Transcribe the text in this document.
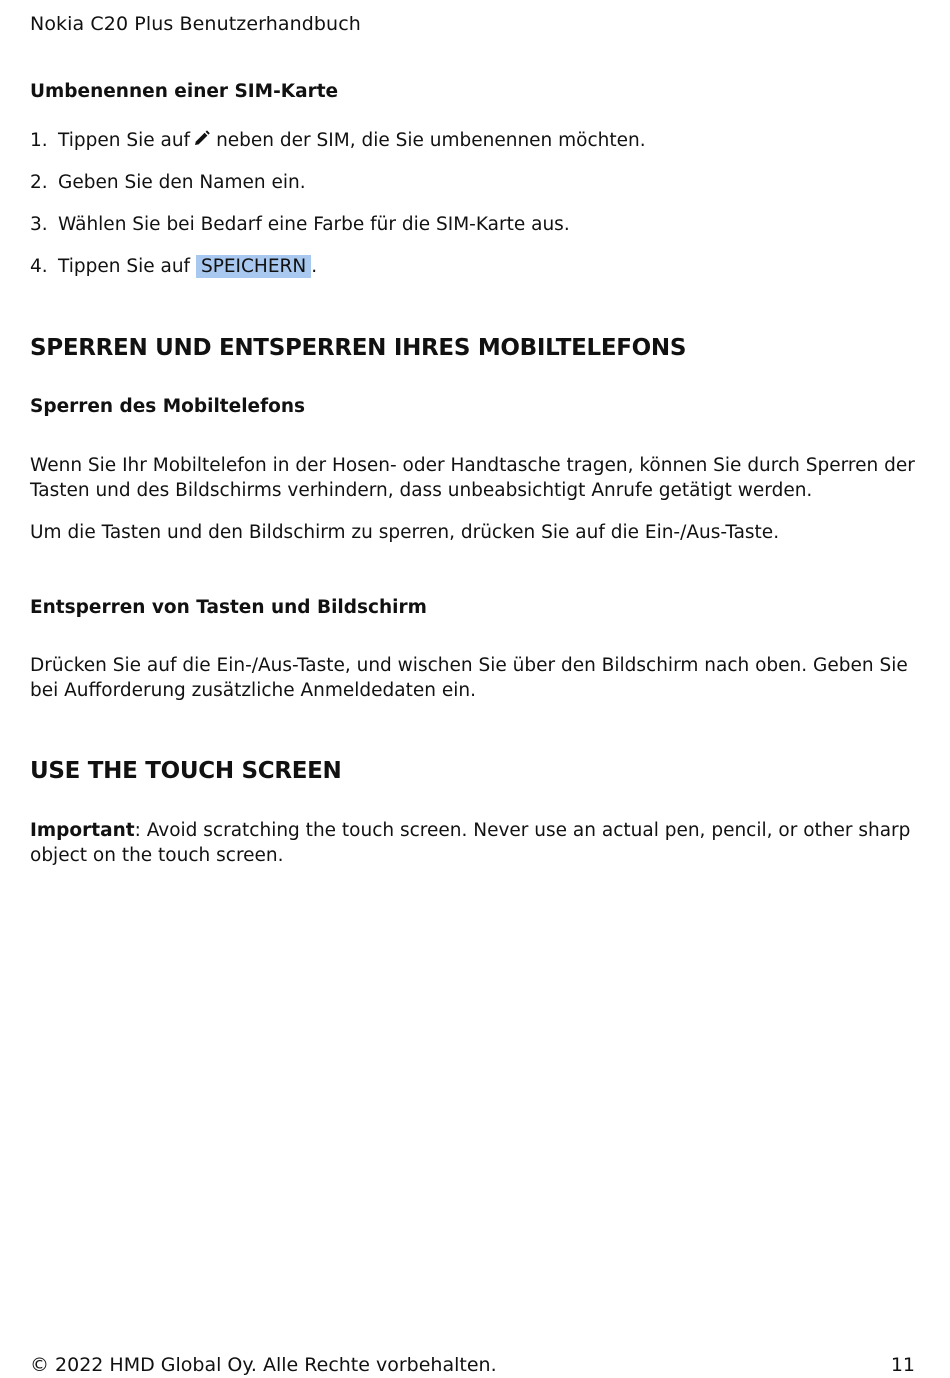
Nokia C20 Plus Benutzerhandbuch
Umbenennen einer SIM-Karte
1. Tippen Sie auf neben der SIM, die Sie umbenennen möchten.
2. Geben Sie den Namen ein.
3. Wählen Sie bei Bedarf eine Farbe für die SIM-Karte aus.
4. Tippen Sie auf SPEICHERN .
SPERREN UND ENTSPERREN IHRES MOBILTELEFONS
Sperren des Mobiltelefons
Wenn Sie Ihr Mobiltelefon in der Hosen- oder Handtasche tragen, können Sie durch Sperren der Tasten und des Bildschirms verhindern, dass unbeabsichtigt Anrufe getätigt werden.
Um die Tasten und den Bildschirm zu sperren, drücken Sie auf die Ein-/Aus-Taste.
Entsperren von Tasten und Bildschirm
Drücken Sie auf die Ein-/Aus-Taste, und wischen Sie über den Bildschirm nach oben. Geben Sie bei Aufforderung zusätzliche Anmeldedaten ein.
USE THE TOUCH SCREEN
Important: Avoid scratching the touch screen. Never use an actual pen, pencil, or other sharp object on the touch screen.
© 2022 HMD Global Oy. Alle Rechte vorbehalten.	11
